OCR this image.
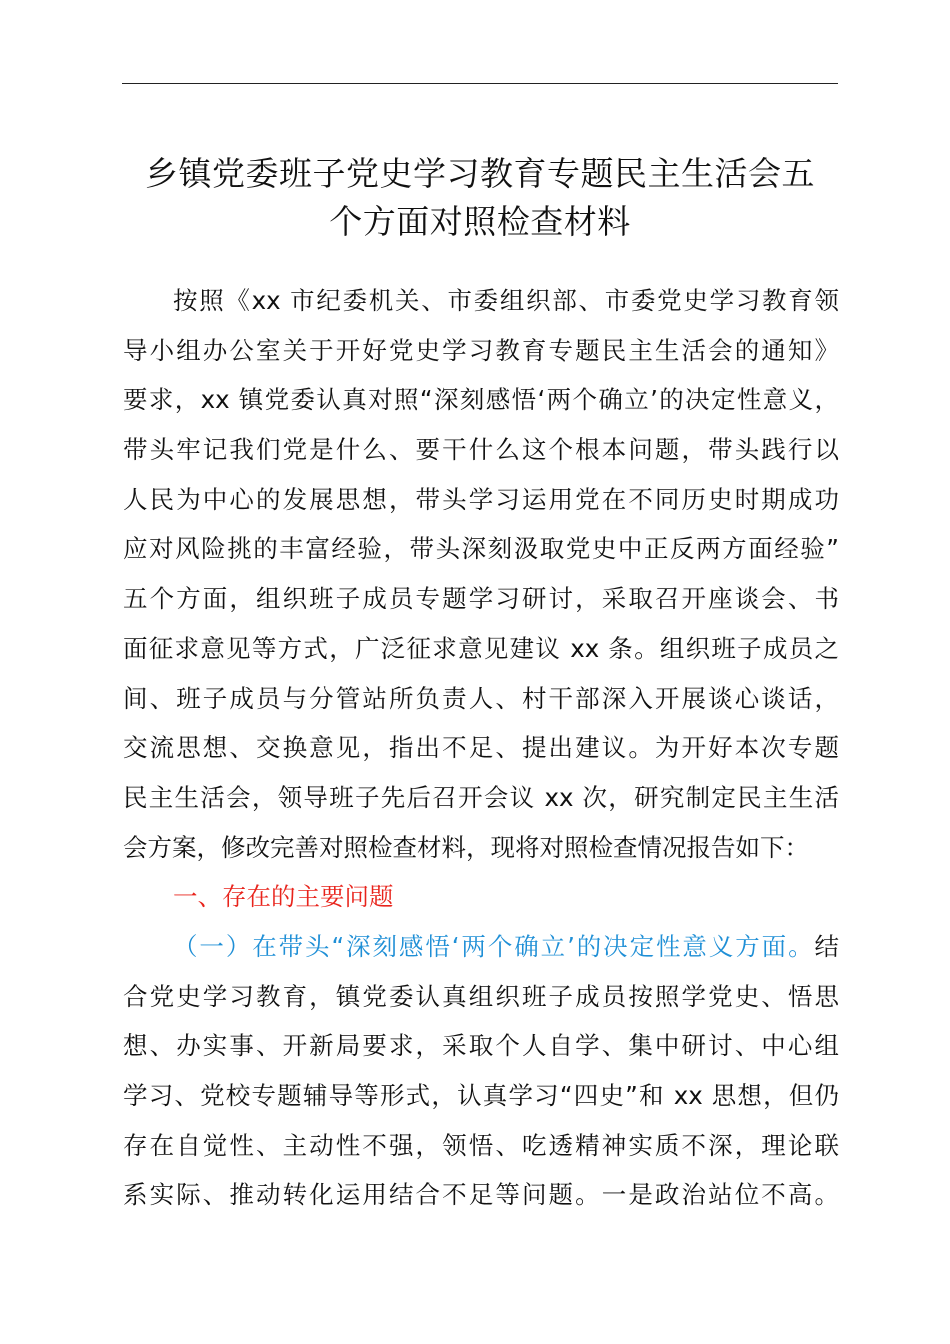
乡镇党委班子党史学习教育专题民主生活会五
个方面对照检查材料
按照《xx 市纪委机关、市委组织部、市委党史学习教育领
导小组办公室关于开好党史学习教育专题民主生活会的通知》
要求，xx 镇党委认真对照“深刻感悟‘两个确立’的决定性意义，
带头牢记我们党是什么、要干什么这个根本问题，带头践行以
人民为中心的发展思想，带头学习运用党在不同历史时期成功
应对风险挑的丰富经验，带头深刻汲取党史中正反两方面经验”
五个方面，组织班子成员专题学习研讨，采取召开座谈会、书
面征求意见等方式，广泛征求意见建议 xx 条。组织班子成员之
间、班子成员与分管站所负责人、村干部深入开展谈心谈话，
交流思想、交换意见，指出不足、提出建议。为开好本次专题
民主生活会，领导班子先后召开会议 xx 次，研究制定民主生活
会方案，修改完善对照检查材料，现将对照检查情况报告如下：
一、存在的主要问题
（一）在带头“深刻感悟‘两个确立’的决定性意义方面。结
合党史学习教育，镇党委认真组织班子成员按照学党史、悟思
想、办实事、开新局要求，采取个人自学、集中研讨、中心组
学习、党校专题辅导等形式，认真学习“四史”和 xx 思想，但仍
存在自觉性、主动性不强，领悟、吃透精神实质不深，理论联
系实际、推动转化运用结合不足等问题。一是政治站位不高。
